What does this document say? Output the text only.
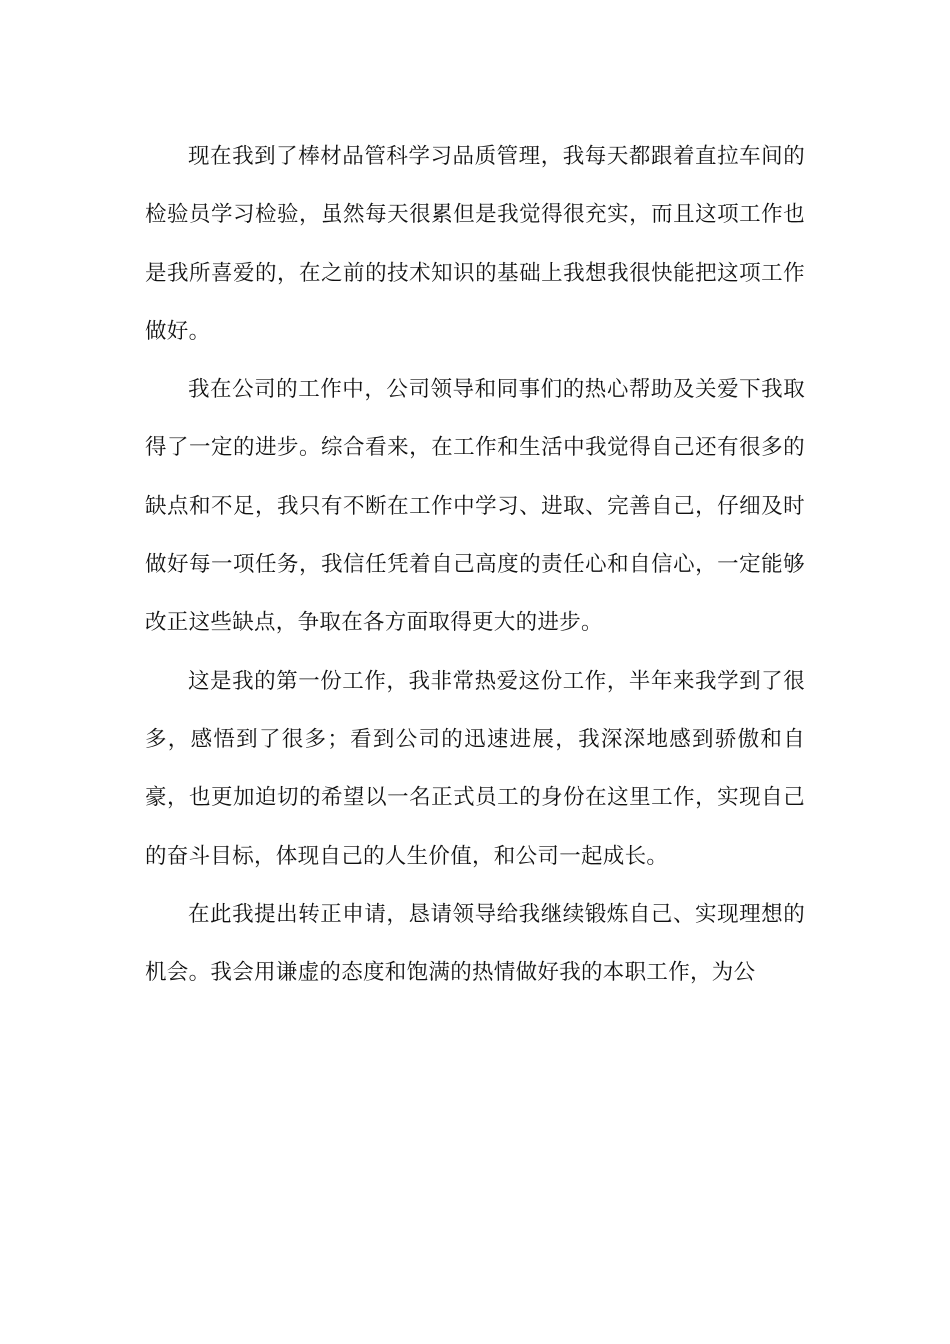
现在我到了棒材品管科学习品质管理，我每天都跟着直拉车间的检验员学习检验，虽然每天很累但是我觉得很充实，而且这项工作也是我所喜爱的，在之前的技术知识的基础上我想我很快能把这项工作做好。

我在公司的工作中，公司领导和同事们的热心帮助及关爱下我取得了一定的进步。综合看来，在工作和生活中我觉得自己还有很多的缺点和不足，我只有不断在工作中学习、进取、完善自己，仔细及时做好每一项任务，我信任凭着自己高度的责任心和自信心，一定能够改正这些缺点，争取在各方面取得更大的进步。

这是我的第一份工作，我非常热爱这份工作，半年来我学到了很多，感悟到了很多；看到公司的迅速进展，我深深地感到骄傲和自豪，也更加迫切的希望以一名正式员工的身份在这里工作，实现自己的奋斗目标，体现自己的人生价值，和公司一起成长。

在此我提出转正申请，恳请领导给我继续锻炼自己、实现理想的机会。我会用谦虚的态度和饱满的热情做好我的本职工作，为公
